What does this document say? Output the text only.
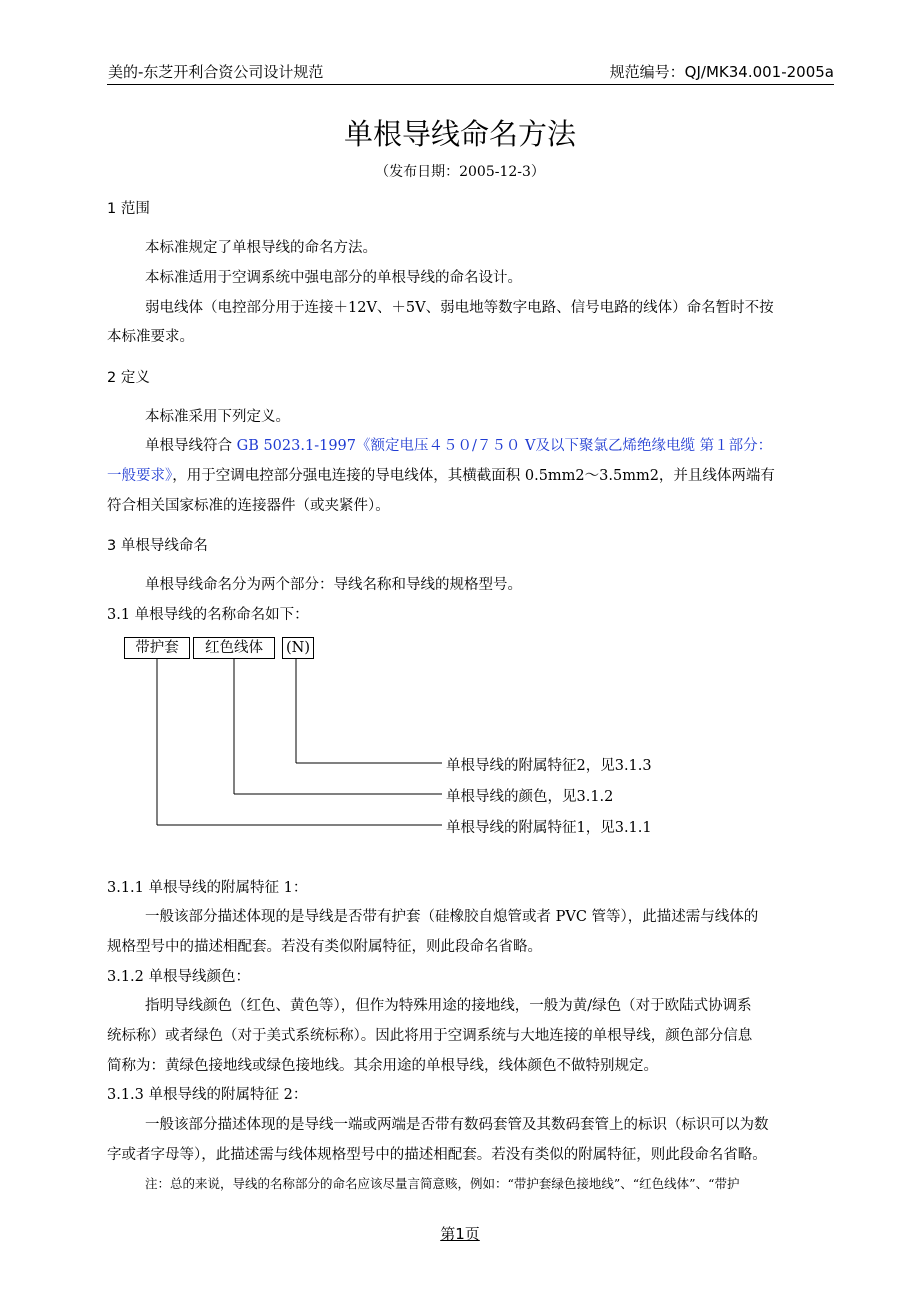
美的-东芝开利合资公司设计规范	规范编号：QJ/MK34.001-2005a
单根导线命名方法
（发布日期：2005-12-3）
1 范围
本标准规定了单根导线的命名方法。
本标准适用于空调系统中强电部分的单根导线的命名设计。
弱电线体（电控部分用于连接＋12V、＋5V、弱电地等数字电路、信号电路的线体）命名暂时不按
本标准要求。
2 定义
本标准采用下列定义。
单根导线符合 GB 5023.1-1997《额定电压４５０/７５０ V及以下聚氯乙烯绝缘电缆 第１部分：
一般要求》，用于空调电控部分强电连接的导电线体，其横截面积 0.5mm2～3.5mm2，并且线体两端有
符合相关国家标准的连接器件（或夹紧件）。
3 单根导线命名
单根导线命名分为两个部分：导线名称和导线的规格型号。
3.1 单根导线的名称命名如下：
带护套	红色线体	(N)
单根导线的附属特征2，见3.1.3
单根导线的颜色，见3.1.2
单根导线的附属特征1，见3.1.1
3.1.1 单根导线的附属特征 1：
一般该部分描述体现的是导线是否带有护套（硅橡胶自熄管或者 PVC 管等），此描述需与线体的
规格型号中的描述相配套。若没有类似附属特征，则此段命名省略。
3.1.2 单根导线颜色：
指明导线颜色（红色、黄色等），但作为特殊用途的接地线，一般为黄/绿色（对于欧陆式协调系
统标称）或者绿色（对于美式系统标称）。因此将用于空调系统与大地连接的单根导线，颜色部分信息
简称为：黄绿色接地线或绿色接地线。其余用途的单根导线，线体颜色不做特别规定。
3.1.3 单根导线的附属特征 2：
一般该部分描述体现的是导线一端或两端是否带有数码套管及其数码套管上的标识（标识可以为数
字或者字母等），此描述需与线体规格型号中的描述相配套。若没有类似的附属特征，则此段命名省略。
注：总的来说，导线的名称部分的命名应该尽量言简意赅，例如：“带护套绿色接地线”、“红色线体”、“带护
第1页
